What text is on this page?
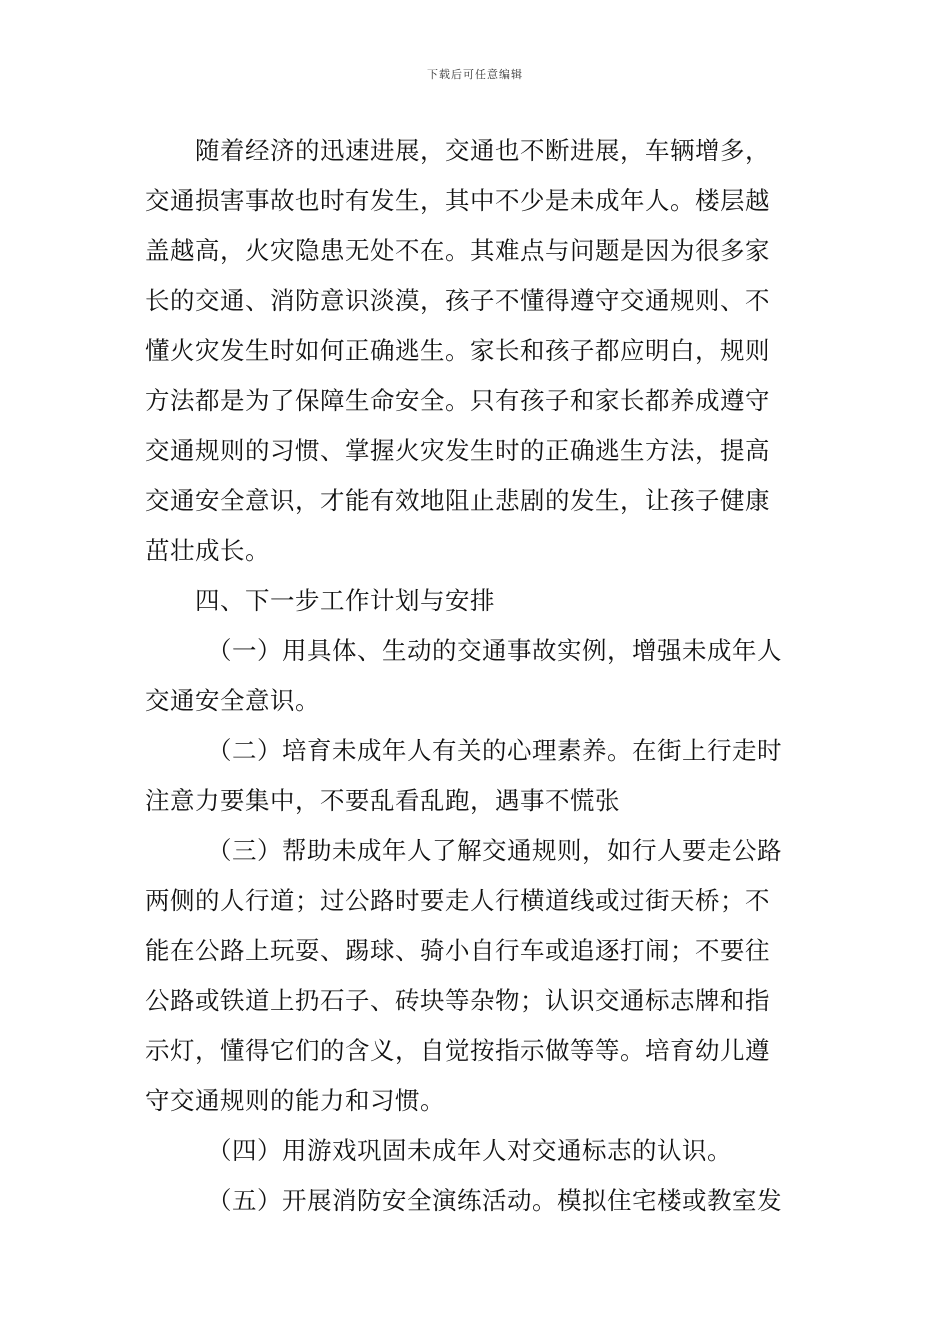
下载后可任意编辑
随着经济的迅速进展，交通也不断进展，车辆增多，
交通损害事故也时有发生，其中不少是未成年人。楼层越
盖越高，火灾隐患无处不在。其难点与问题是因为很多家
长的交通、消防意识淡漠，孩子不懂得遵守交通规则、不
懂火灾发生时如何正确逃生。家长和孩子都应明白，规则
方法都是为了保障生命安全。只有孩子和家长都养成遵守
交通规则的习惯、掌握火灾发生时的正确逃生方法，提高
交通安全意识，才能有效地阻止悲剧的发生，让孩子健康
茁壮成长。
四、下一步工作计划与安排
（一）用具体、生动的交通事故实例，增强未成年人
交通安全意识。
（二）培育未成年人有关的心理素养。在街上行走时
注意力要集中，不要乱看乱跑，遇事不慌张
（三）帮助未成年人了解交通规则，如行人要走公路
两侧的人行道；过公路时要走人行横道线或过街天桥；不
能在公路上玩耍、踢球、骑小自行车或追逐打闹；不要往
公路或铁道上扔石子、砖块等杂物；认识交通标志牌和指
示灯，懂得它们的含义，自觉按指示做等等。培育幼儿遵
守交通规则的能力和习惯。
（四）用游戏巩固未成年人对交通标志的认识。
（五）开展消防安全演练活动。模拟住宅楼或教室发
